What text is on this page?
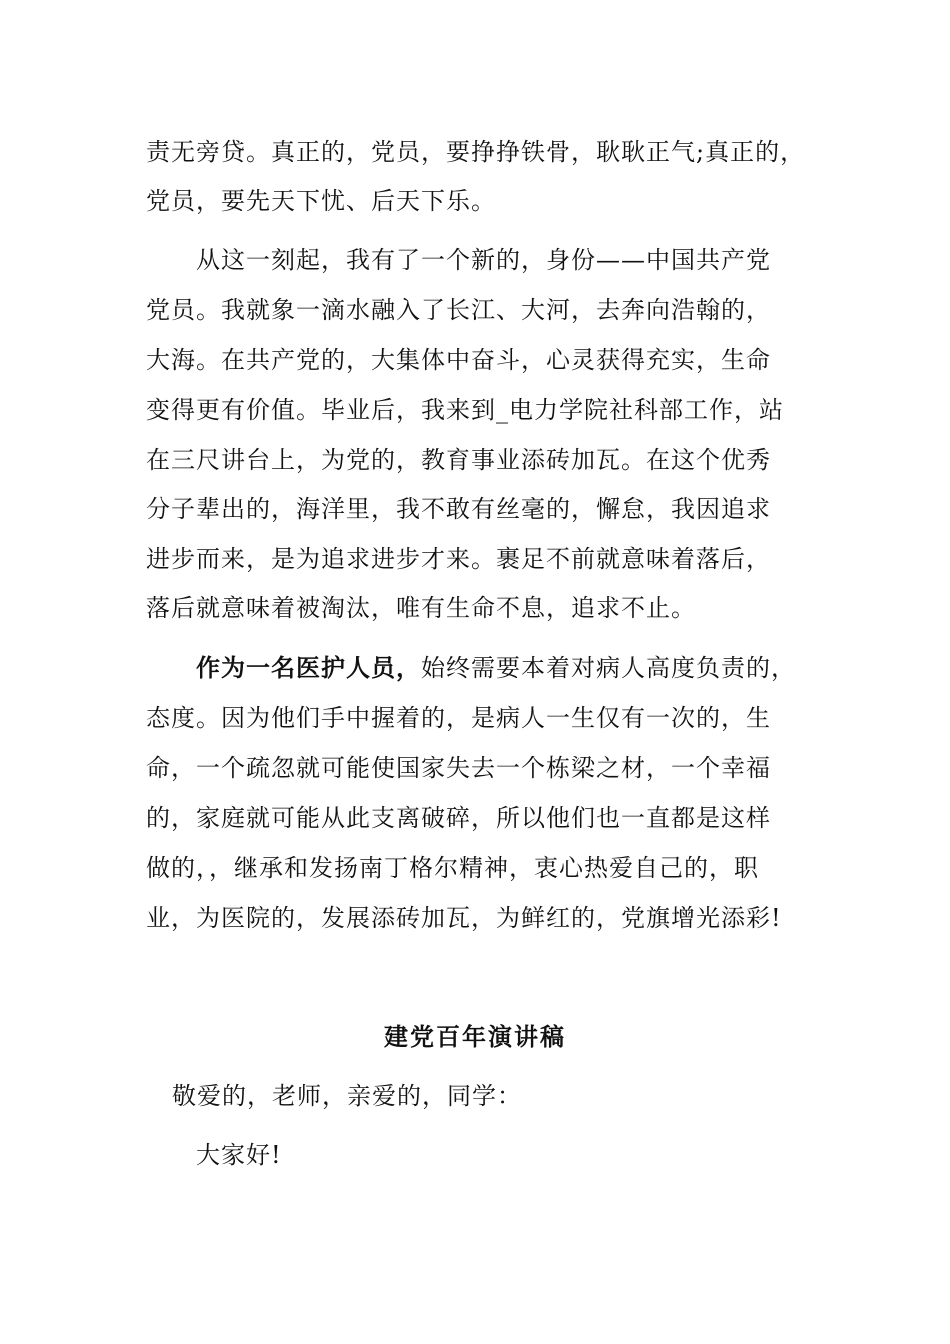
责无旁贷。真正的，党员，要挣挣铁骨，耿耿正气;真正的，
党员，要先天下忧、后天下乐。
从这一刻起，我有了一个新的，身份——中国共产党
党员。我就象一滴水融入了长江、大河，去奔向浩翰的，
大海。在共产党的，大集体中奋斗，心灵获得充实，生命
变得更有价值。毕业后，我来到_电力学院社科部工作，站
在三尺讲台上，为党的，教育事业添砖加瓦。在这个优秀
分子辈出的，海洋里，我不敢有丝毫的，懈怠，我因追求
进步而来，是为追求进步才来。裹足不前就意味着落后，
落后就意味着被淘汰，唯有生命不息，追求不止。
作为一名医护人员，始终需要本着对病人高度负责的，
态度。因为他们手中握着的，是病人一生仅有一次的，生
命，一个疏忽就可能使国家失去一个栋梁之材，一个幸福
的，家庭就可能从此支离破碎，所以他们也一直都是这样
做的，，继承和发扬南丁格尔精神，衷心热爱自己的，职
业，为医院的，发展添砖加瓦，为鲜红的，党旗增光添彩!
建党百年演讲稿
敬爱的，老师，亲爱的，同学：
大家好!
